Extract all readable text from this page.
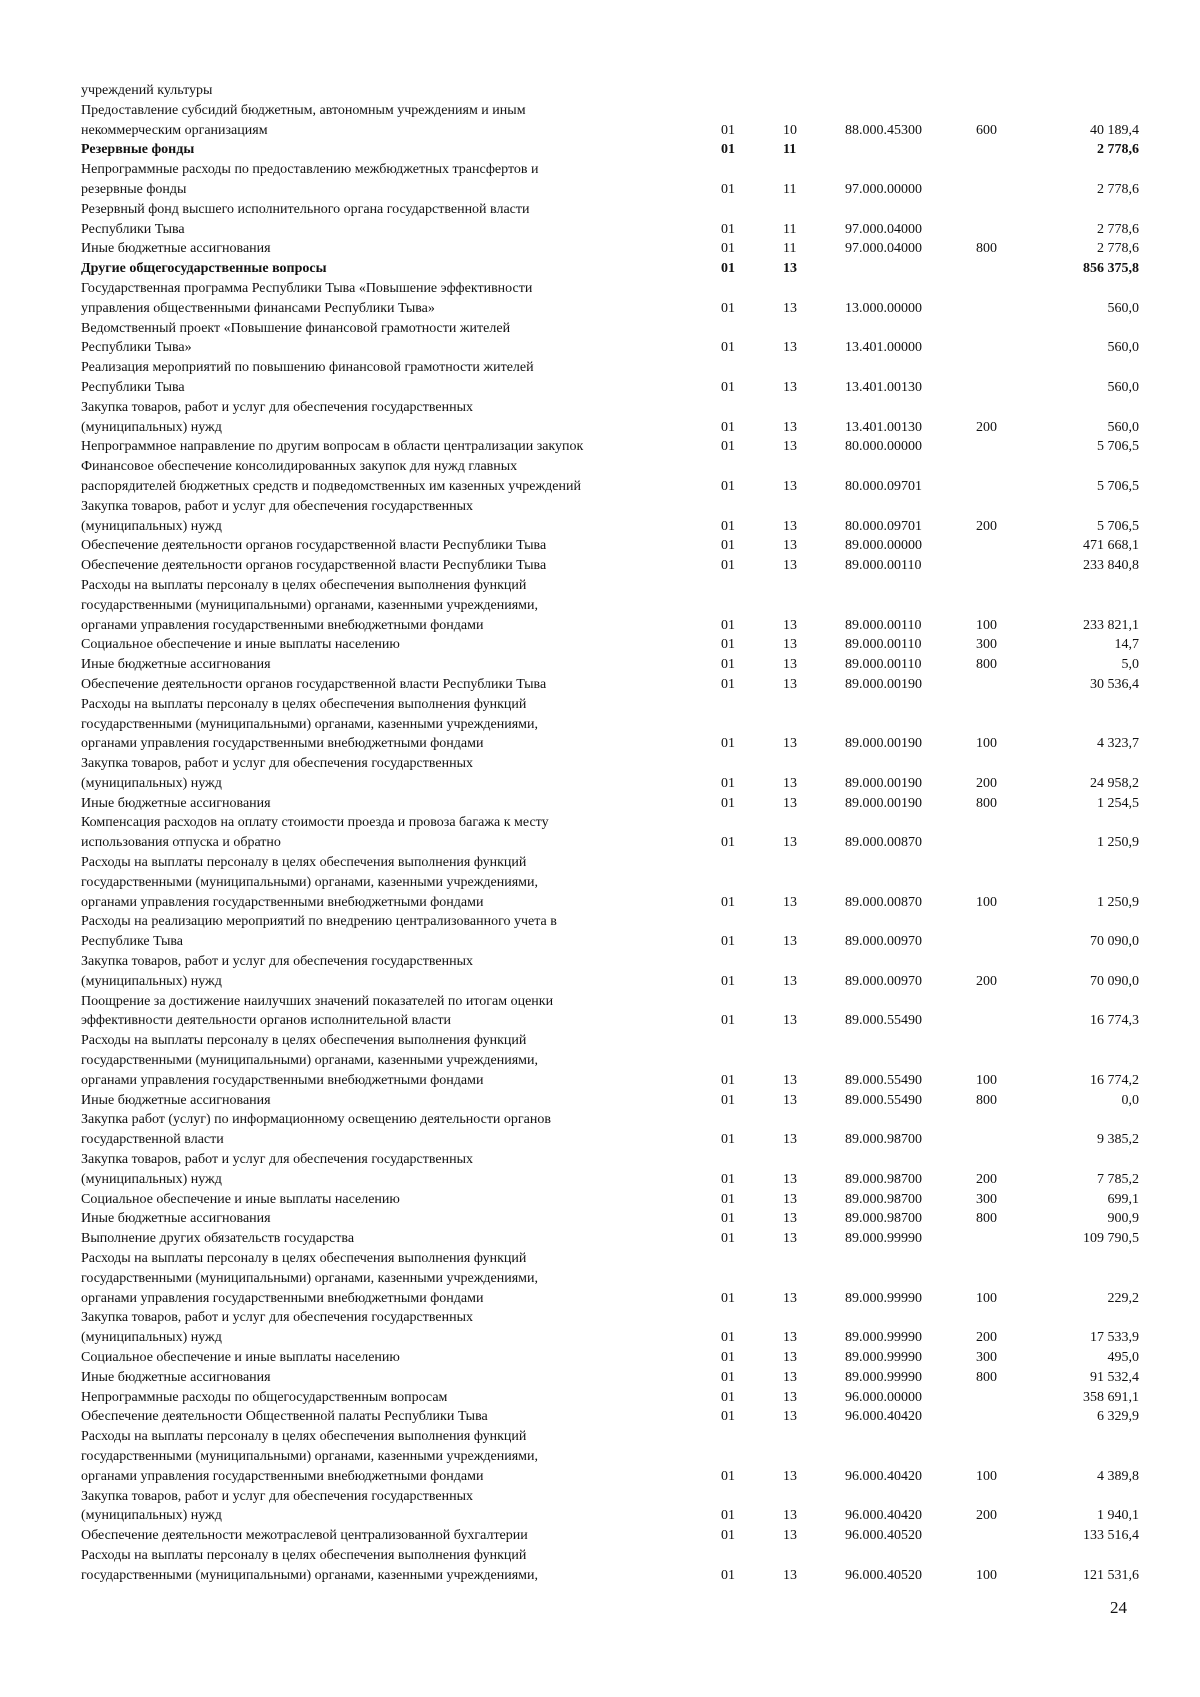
учреждений культуры					
Предоставление субсидий бюджетным, автономным учреждениям и иным					
некоммерческим организациям	01	10	88.000.45300	600	40 189,4
Резервные фонды	01	11			2 778,6
Непрограммные расходы по предоставлению межбюджетных трансфертов и					
резервные фонды	01	11	97.000.00000		2 778,6
Резервный фонд высшего исполнительного органа государственной власти					
Республики Тыва	01	11	97.000.04000		2 778,6
Иные бюджетные ассигнования	01	11	97.000.04000	800	2 778,6
Другие общегосударственные вопросы	01	13			856 375,8
Государственная программа Республики Тыва «Повышение эффективности					
управления общественными финансами Республики Тыва»	01	13	13.000.00000		560,0
Ведомственный проект «Повышение финансовой грамотности жителей					
Республики Тыва»	01	13	13.401.00000		560,0
Реализация мероприятий по повышению финансовой грамотности жителей					
Республики Тыва	01	13	13.401.00130		560,0
Закупка товаров, работ и услуг для обеспечения государственных					
(муниципальных) нужд	01	13	13.401.00130	200	560,0
Непрограммное направление по другим вопросам в области централизации закупок	01	13	80.000.00000		5 706,5
Финансовое обеспечение консолидированных закупок для нужд главных					
распорядителей бюджетных средств и подведомственных им казенных учреждений	01	13	80.000.09701		5 706,5
Закупка товаров, работ и услуг для обеспечения государственных					
(муниципальных) нужд	01	13	80.000.09701	200	5 706,5
Обеспечение деятельности органов государственной власти Республики Тыва	01	13	89.000.00000		471 668,1
Обеспечение деятельности органов государственной власти Республики Тыва	01	13	89.000.00110		233 840,8
Расходы на выплаты персоналу в целях обеспечения выполнения функций					
государственными (муниципальными) органами, казенными учреждениями,					
органами управления государственными внебюджетными фондами	01	13	89.000.00110	100	233 821,1
Социальное обеспечение и иные выплаты населению	01	13	89.000.00110	300	14,7
Иные бюджетные ассигнования	01	13	89.000.00110	800	5,0
Обеспечение деятельности органов государственной власти Республики Тыва	01	13	89.000.00190		30 536,4
Расходы на выплаты персоналу в целях обеспечения выполнения функций					
государственными (муниципальными) органами, казенными учреждениями,					
органами управления государственными внебюджетными фондами	01	13	89.000.00190	100	4 323,7
Закупка товаров, работ и услуг для обеспечения государственных					
(муниципальных) нужд	01	13	89.000.00190	200	24 958,2
Иные бюджетные ассигнования	01	13	89.000.00190	800	1 254,5
Компенсация расходов на оплату стоимости проезда и провоза багажа к месту					
использования отпуска и обратно	01	13	89.000.00870		1 250,9
Расходы на выплаты персоналу в целях обеспечения выполнения функций					
государственными (муниципальными) органами, казенными учреждениями,					
органами управления государственными внебюджетными фондами	01	13	89.000.00870	100	1 250,9
Расходы на реализацию мероприятий по внедрению централизованного учета в					
Республике Тыва	01	13	89.000.00970		70 090,0
Закупка товаров, работ и услуг для обеспечения государственных					
(муниципальных) нужд	01	13	89.000.00970	200	70 090,0
Поощрение за достижение наилучших значений показателей по итогам оценки					
эффективности деятельности органов исполнительной власти	01	13	89.000.55490		16 774,3
Расходы на выплаты персоналу в целях обеспечения выполнения функций					
государственными (муниципальными) органами, казенными учреждениями,					
органами управления государственными внебюджетными фондами	01	13	89.000.55490	100	16 774,2
Иные бюджетные ассигнования	01	13	89.000.55490	800	0,0
Закупка работ (услуг) по информационному освещению деятельности органов					
государственной власти	01	13	89.000.98700		9 385,2
Закупка товаров, работ и услуг для обеспечения государственных					
(муниципальных) нужд	01	13	89.000.98700	200	7 785,2
Социальное обеспечение и иные выплаты населению	01	13	89.000.98700	300	699,1
Иные бюджетные ассигнования	01	13	89.000.98700	800	900,9
Выполнение других обязательств государства	01	13	89.000.99990		109 790,5
Расходы на выплаты персоналу в целях обеспечения выполнения функций					
государственными (муниципальными) органами, казенными учреждениями,					
органами управления государственными внебюджетными фондами	01	13	89.000.99990	100	229,2
Закупка товаров, работ и услуг для обеспечения государственных					
(муниципальных) нужд	01	13	89.000.99990	200	17 533,9
Социальное обеспечение и иные выплаты населению	01	13	89.000.99990	300	495,0
Иные бюджетные ассигнования	01	13	89.000.99990	800	91 532,4
Непрограммные расходы по общегосударственным вопросам	01	13	96.000.00000		358 691,1
Обеспечение деятельности Общественной палаты Республики Тыва	01	13	96.000.40420		6 329,9
Расходы на выплаты персоналу в целях обеспечения выполнения функций					
государственными (муниципальными) органами, казенными учреждениями,					
органами управления государственными внебюджетными фондами	01	13	96.000.40420	100	4 389,8
Закупка товаров, работ и услуг для обеспечения государственных					
(муниципальных) нужд	01	13	96.000.40420	200	1 940,1
Обеспечение деятельности межотраслевой централизованной бухгалтерии	01	13	96.000.40520		133 516,4
Расходы на выплаты персоналу в целях обеспечения выполнения функций					
государственными (муниципальными) органами, казенными учреждениями,	01	13	96.000.40520	100	121 531,6
24
